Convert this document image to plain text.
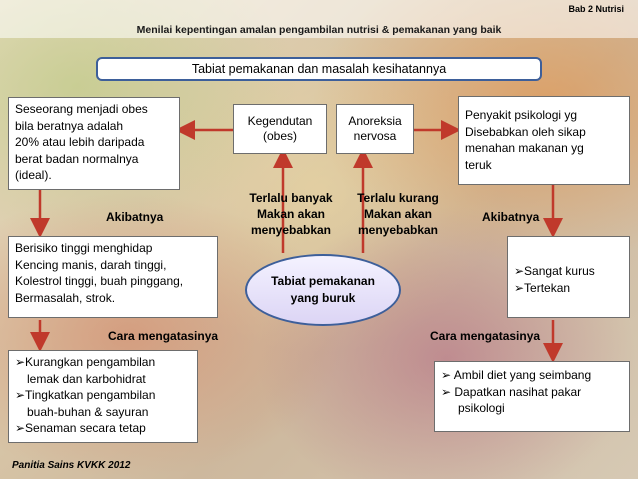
Bab 2 Nutrisi
Menilai kepentingan amalan pengambilan nutrisi & pemakanan yang baik
Tabiat pemakanan dan masalah kesihatannya
Seseorang menjadi obes
bila beratnya adalah
20% atau lebih daripada
berat badan normalnya
(ideal).
Akibatnya
Berisiko tinggi menghidap
Kencing manis, darah tinggi,
Kolestrol tinggi, buah pinggang,
Bermasalah, strok.
Cara mengatasinya
➢Kurangkan pengambilan
lemak dan karbohidrat
➢Tingkatkan pengambilan
buah-buhan & sayuran
➢Senaman secara tetap
Kegendutan
(obes)
Anoreksia
nervosa
Terlalu banyak
Makan akan
menyebabkan
Terlalu kurang
Makan akan
menyebabkan
Tabiat pemakanan
yang buruk
Penyakit psikologi yg
Disebabkan oleh sikap
menahan makanan yg
teruk
Akibatnya
➢Sangat kurus
➢Tertekan
Cara mengatasinya
➢ Ambil diet yang seimbang
➢ Dapatkan nasihat pakar
psikologi
Panitia Sains KVKK 2012
